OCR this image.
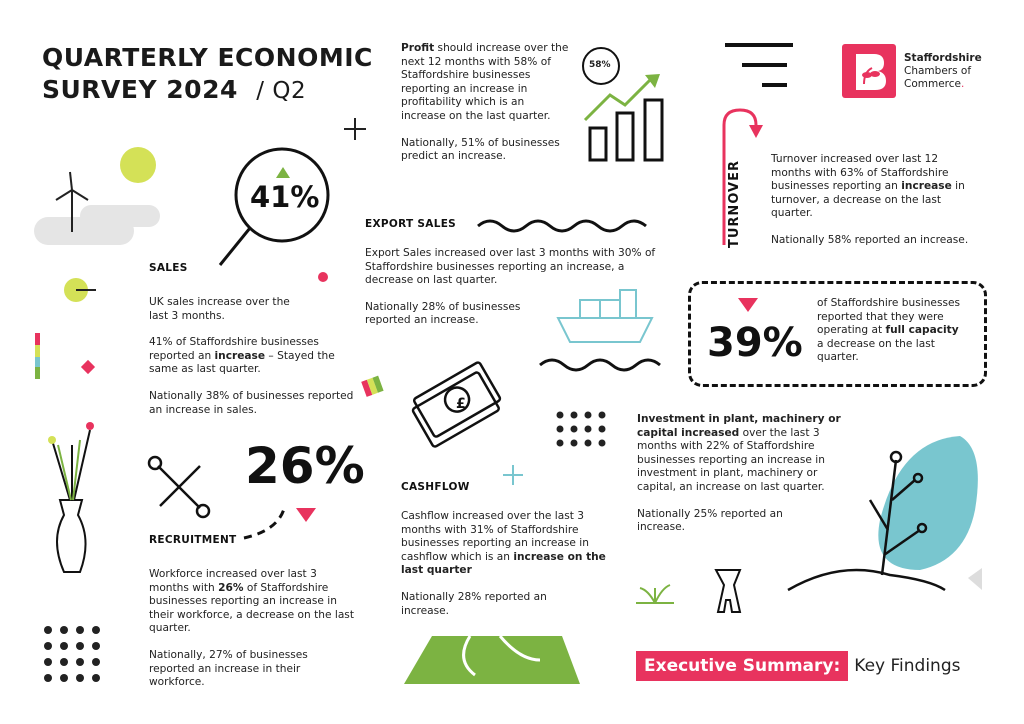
QUARTERLY ECONOMIC
SURVEY 2024 / Q2
£
41%
SALES

UK sales increase over the last 3 months.

41% of Staffordshire businesses reported an increase – Stayed the same as last quarter.

Nationally 38% of businesses reported an increase in sales.

Profit should increase over the next 12 months with 58% of Staffordshire businesses reporting an increase in profitability which is an increase on the last quarter.

Nationally, 51% of businesses predict an increase.

58%
EXPORT SALES

Export Sales increased over last 3 months with 30% of Staffordshire businesses reporting an increase, a decrease on last quarter.

Nationally 28% of businesses reported an increase.

Staffordshire
Chambers of
Commerce.
TURNOVER

Turnover increased over last 12 months with 63% of Staffordshire businesses reporting an increase in turnover, a decrease on the last quarter.

Nationally 58% reported an increase.

39%

of Staffordshire businesses reported that they were operating at full capacity a decrease on the last quarter.

26%
RECRUITMENT

Workforce increased over last 3 months with 26% of Staffordshire businesses reporting an increase in their workforce, a decrease on the last quarter.

Nationally, 27% of businesses reported an increase in their workforce.

CASHFLOW

Cashflow increased over the last 3 months with 31% of Staffordshire businesses reporting an increase in cashflow which is an increase on the last quarter

Nationally 28% reported an increase.

Investment in plant, machinery or capital increased over the last 3 months with 22% of Staffordshire businesses reporting an increase in investment in plant, machinery or capital, an increase on last quarter.

Nationally 25% reported an increase.

Executive Summary: Key Findings
